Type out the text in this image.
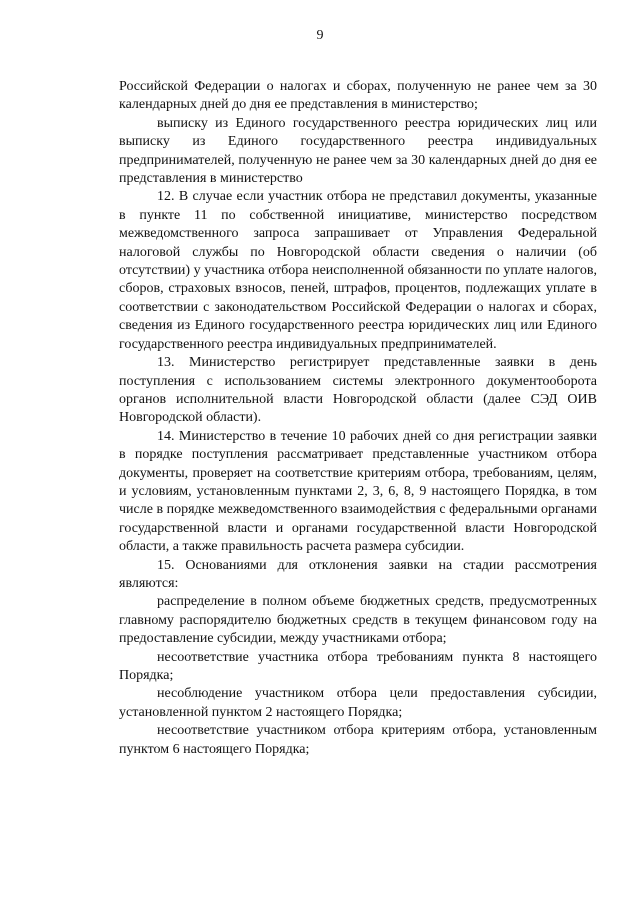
9

Российской Федерации о налогах и сборах, полученную не ранее чем за 30 календарных дней до дня ее представления в министерство;

выписку из Единого государственного реестра юридических лиц или выписку из Единого государственного реестра индивидуальных предпринимателей, полученную не ранее чем за 30 календарных дней до дня ее представления в министерство

12. В случае если участник отбора не представил документы, указанные в пункте 11 по собственной инициативе, министерство посредством межведомственного запроса запрашивает от Управления Федеральной налоговой службы по Новгородской области сведения о наличии (об отсутствии) у участника отбора неисполненной обязанности по уплате налогов, сборов, страховых взносов, пеней, штрафов, процентов, подлежащих уплате в соответствии с законодательством Российской Федерации о налогах и сборах, сведения из Единого государственного реестра юридических лиц или Единого государственного реестра индивидуальных предпринимателей.

13. Министерство регистрирует представленные заявки в день поступления с использованием системы электронного документооборота органов исполнительной власти Новгородской области (далее СЭД ОИВ Новгородской области).

14. Министерство в течение 10 рабочих дней со дня регистрации заявки в порядке поступления рассматривает представленные участником отбора документы, проверяет на соответствие критериям отбора, требованиям, целям, и условиям, установленным пунктами 2, 3, 6, 8, 9 настоящего Порядка, в том числе в порядке межведомственного взаимодействия с федеральными органами государственной власти и органами государственной власти Новгородской области, а также правильность расчета размера субсидии.

15. Основаниями для отклонения заявки на стадии рассмотрения являются:

распределение в полном объеме бюджетных средств, предусмотренных главному распорядителю бюджетных средств в текущем финансовом году на предоставление субсидии, между участниками отбора;

несоответствие участника отбора требованиям пункта 8 настоящего Порядка;

несоблюдение участником отбора цели предоставления субсидии, установленной пунктом 2 настоящего Порядка;

несоответствие участником отбора критериям отбора, установленным пунктом 6 настоящего Порядка;
